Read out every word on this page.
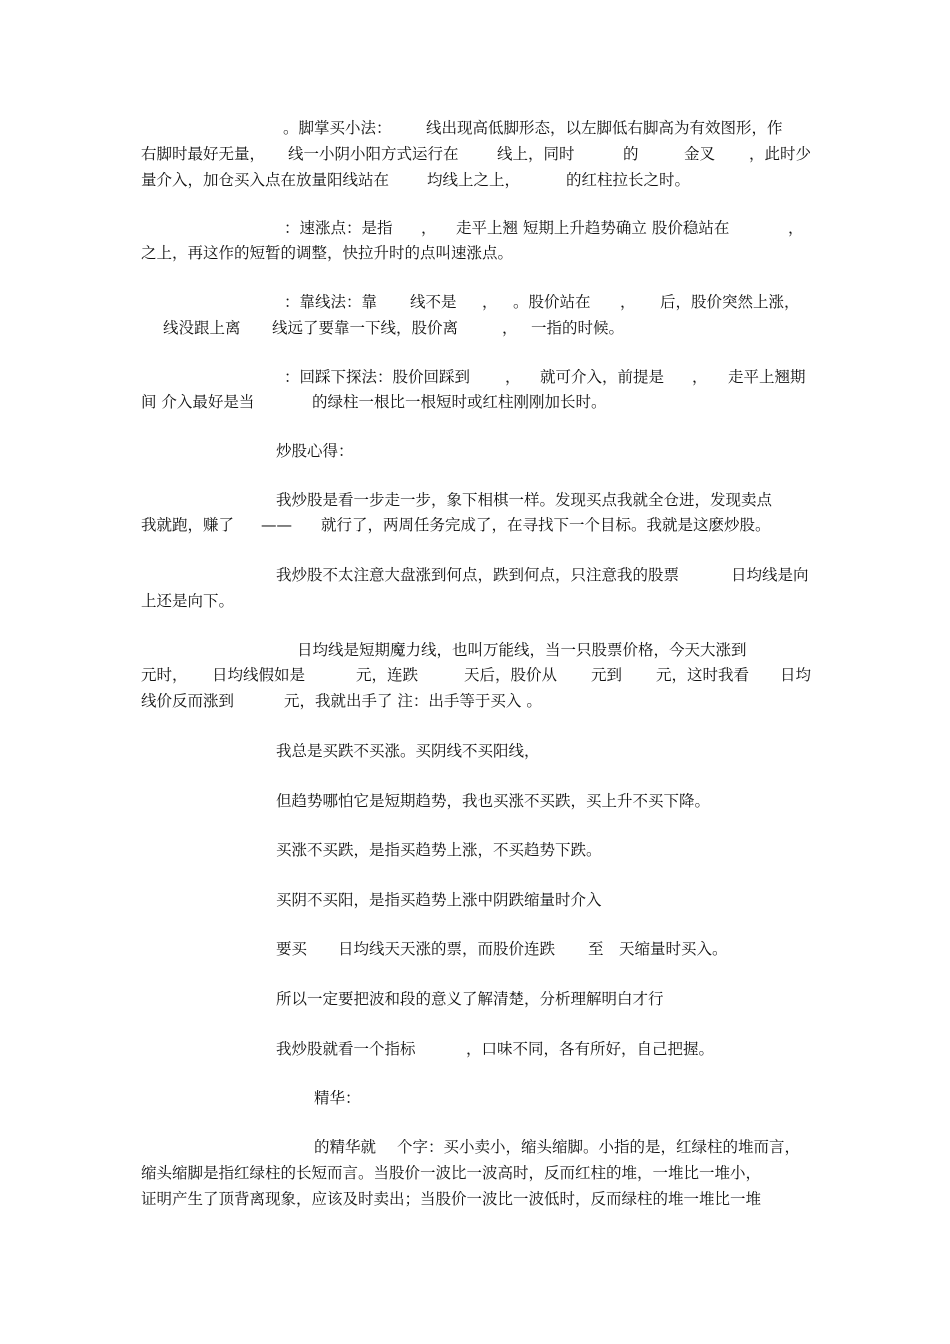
。脚掌买小法：

线出现高低脚形态，以左脚低右脚高为有效图形，作

右脚时最好无量，

线一小阴小阳方式运行在

线上，同时

	的

	金叉

，此时少

量介入，加仓买入点在放量阳线站在

均线上之上，

	的红柱拉长之时。

：速涨点：是指

，

走平上翘 短期上升趋势确立 股价稳站在

	，

之上，再这作的短暂的调整，快拉升时的点叫速涨点。

：靠线法：靠

线不是

，

。股价站在

，

后，股价突然上涨，

线没跟上离

线远了要靠一下线，股价离

	，

一指的时候。

：回踩下探法：股价回踩到

，

就可介入，前提是

，

走平上翘期

间 介入最好是当

	的绿柱一根比一根短时或红柱刚刚加长时。

炒股心得：

我炒股是看一步走一步，象下相棋一样。发现买点我就全仓进，发现卖点

我就跑，赚了

——

就行了，两周任务完成了，在寻找下一个目标。我就是这麽炒股。

我炒股不太注意大盘涨到何点，跌到何点，只注意我的股票

	日均线是向

上还是向下。

日均线是短期魔力线，也叫万能线，当一只股票价格，今天大涨到

元时，

日均线假如是

	元，连跌

	天后，股价从

元到

元，这时我看

日均

线价反而涨到

	元，我就出手了 注：出手等于买入 。

我总是买跌不买涨。买阴线不买阳线，

但趋势哪怕它是短期趋势，我也买涨不买跌，买上升不买下降。

买涨不买跌，是指买趋势上涨，不买趋势下跌。

买阴不买阳，是指买趋势上涨中阴跌缩量时介入

要买

日均线天天涨的票，而股价连跌

至

天缩量时买入。

所以一定要把波和段的意义了解清楚，分析理解明白才行

我炒股就看一个指标

	，口味不同，各有所好，自己把握。

精华：

的精华就

个字：买小卖小，缩头缩脚。小指的是，红绿柱的堆而言，

缩头缩脚是指红绿柱的长短而言。当股价一波比一波高时，反而红柱的堆，一堆比一堆小，

证明产生了顶背离现象，应该及时卖出；当股价一波比一波低时，反而绿柱的堆一堆比一堆
